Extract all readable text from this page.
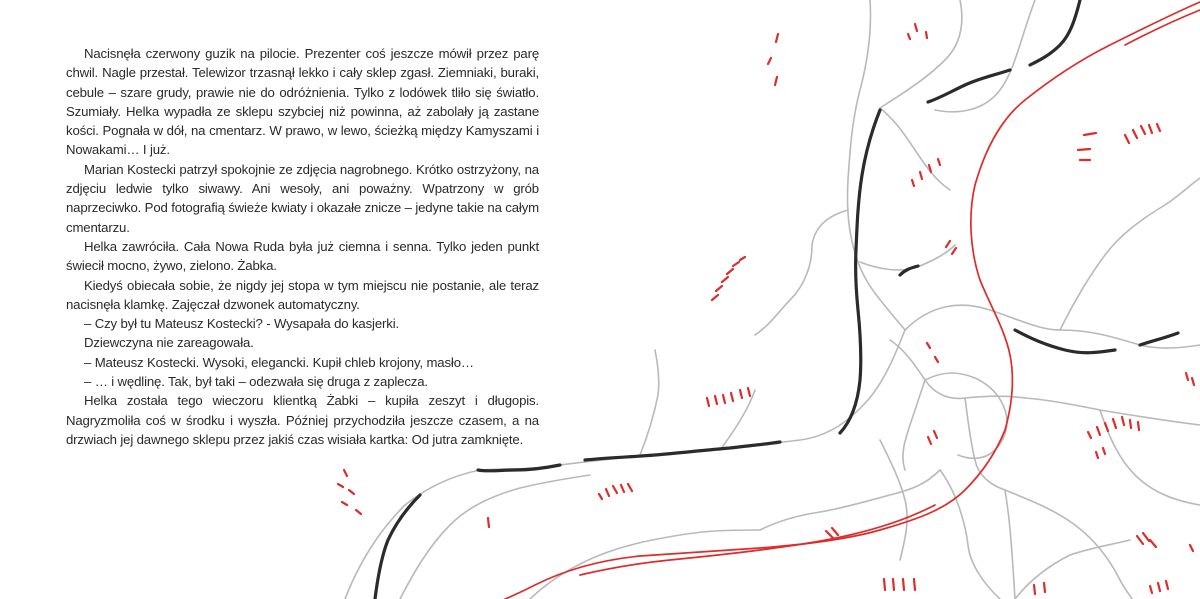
Nacisnęła czerwony guzik na pilocie. Prezenter coś jeszcze mówił przez parę chwil. Nagle przestał. Telewizor trzasnął lekko i cały sklep zgasł. Ziemniaki, buraki, cebule – szare grudy, prawie nie do odróżnienia. Tylko z lodówek tliło się światło. Szumiały. Helka wypadła ze sklepu szybciej niż powinna, aż zabolały ją zastane kości. Pognała w dół, na cmentarz. W prawo, w lewo, ścieżką między Kamyszami i Nowakami… I już.

Marian Kostecki patrzył spokojnie ze zdjęcia nagrobnego. Krótko ostrzyżony, na zdjęciu ledwie tylko siwawy. Ani wesoły, ani poważny. Wpatrzony w grób naprzeciwko. Pod fotografią świeże kwiaty i okazałe znicze – jedyne takie na całym cmentarzu.

Helka zawróciła. Cała Nowa Ruda była już ciemna i senna. Tylko jeden punkt świecił mocno, żywo, zielono. Żabka.

Kiedyś obiecała sobie, że nigdy jej stopa w tym miejscu nie postanie, ale teraz nacisnęła klamkę. Zajęczał dzwonek automatyczny.

– Czy był tu Mateusz Kostecki? - Wysapała do kasjerki.

Dziewczyna nie zareagowała.

– Mateusz Kostecki. Wysoki, elegancki. Kupił chleb krojony, masło…

– … i wędlinę. Tak, był taki – odezwała się druga z zaplecza.

Helka została tego wieczoru klientką Żabki – kupiła zeszyt i długopis. Nagryzmoliła coś w środku i wyszła. Później przychodziła jeszcze czasem, a na drzwiach jej dawnego sklepu przez jakiś czas wisiała kartka: Od jutra zamknięte.
